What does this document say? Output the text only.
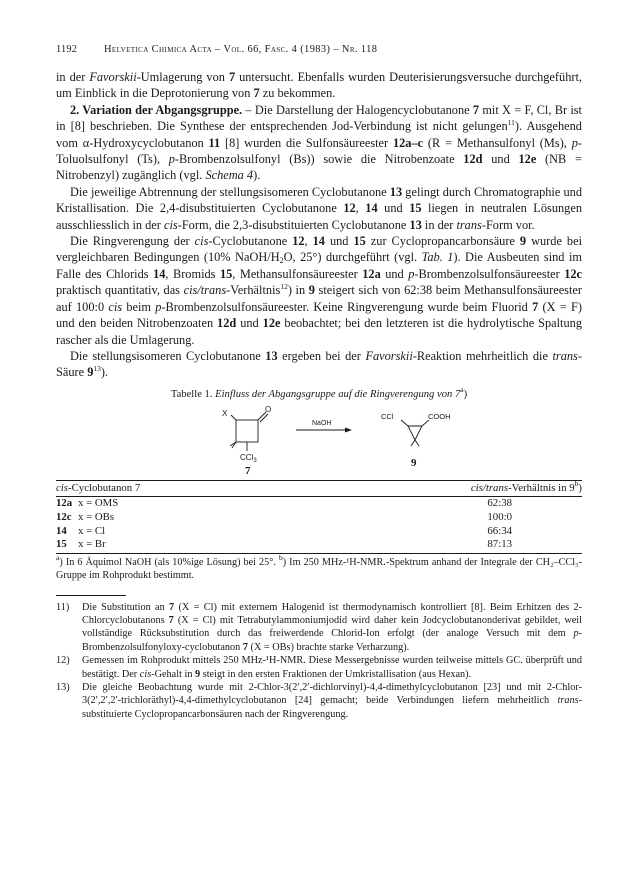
1192	Helvetica Chimica Acta – Vol. 66, Fasc. 4 (1983) – Nr. 118

in der Favorskii-Umlagerung von 7 untersucht. Ebenfalls wurden Deuterisierungsversuche durchgeführt, um Einblick in die Deprotonierung von 7 zu bekommen.

2. Variation der Abgangsgruppe. – Die Darstellung der Halogencyclobutanone 7 mit X = F, Cl, Br ist in [8] beschrieben. Die Synthese der entsprechenden Jod-Verbindung ist nicht gelungen$^{11}$). Ausgehend vom α-Hydroxycyclobutanon 11 [8] wurden die Sulfonsäureester 12a–c (R = Methansulfonyl (Ms), p-Toluolsulfonyl (Ts), p-Brombenzolsulfonyl (Bs)) sowie die Nitrobenzoate 12d und 12e (NB = Nitrobenzyl) zugänglich (vgl. Schema 4).

Die jeweilige Abtrennung der stellungsisomeren Cyclobutanone 13 gelingt durch Chromatographie und Kristallisation. Die 2,4-disubstituierten Cyclobutanone 12, 14 und 15 liegen in neutralen Lösungen ausschliesslich in der cis-Form, die 2,3-disubstituierten Cyclobutanone 13 in der trans-Form vor.

Die Ringverengung der cis-Cyclobutanone 12, 14 und 15 zur Cyclopropancarbonsäure 9 wurde bei vergleichbaren Bedingungen (10% NaOH/$H_2O$, 25°) durchgeführt (vgl. Tab. 1). Die Ausbeuten sind im Falle des Chlorids 14, Bromids 15, Methansulfonsäureester 12a und p-Brombenzolsulfonsäureester 12c praktisch quantitativ, das cis/trans-Verhältnis$^{12}$) in 9 steigert sich von 62:38 beim Methansulfonsäureester auf 100:0 cis beim p-Brombenzolsulfonsäureester. Keine Ringverengung wurde beim Fluorid 7 (X = F) und den beiden Nitrobenzoaten 12d und 12e beobachtet; bei den letzteren ist die hydrolytische Spaltung rascher als die Umlagerung.

Die stellungsisomeren Cyclobutanone 13 ergeben bei der Favorskii-Reaktion mehrheitlich die trans-Säure $9^{13}$).

Tabelle 1. Einfluss der Abgangsgruppe auf die Ringverengung von 7$^a$)
X	O
CCl$_3$
7
NaOH
CCl	COOH
9
cis-Cyclobutanon 7		cis/trans-Verhältnis in 9$^b$)
12a	x = OMS	62:38
12c	x = OBs	100:0
14	x = Cl	66:34
15	x = Br	87:13
$^a$) In 6 Äquimol NaOH (als 10%ige Lösung) bei 25°. $^b$) Im 250 MHz-¹H-NMR.-Spektrum anhand der Integrale der CH₂–CCl₃-Gruppe im Rohprodukt bestimmt.
11) Die Substitution an 7 (X = Cl) mit externem Halogenid ist thermodynamisch kontrolliert [8]. Beim Erhitzen des 2-Chlorcyclobutanons 7 (X = Cl) mit Tetrabutylammoniumjodid wird daher kein Jodcyclobutanonderivat gebildet, weil vollständige Rücksubstitution durch das freiwerdende Chlorid-Ion erfolgt (der analoge Versuch mit dem p-Brombenzolsulfonyloxy-cyclobutanon 7 (X = OBs) brachte starke Verharzung).
12) Gemessen im Rohprodukt mittels 250 MHz-¹H-NMR. Diese Messergebnisse wurden teilweise mittels GC. überprüft und bestätigt. Der cis-Gehalt in 9 steigt in den ersten Fraktionen der Umkristallisation (aus Hexan).
13) Die gleiche Beobachtung wurde mit 2-Chlor-3(2′,2′-dichlorvinyl)-4,4-dimethylcyclobutanon [23] und mit 2-Chlor-3(2′,2′,2′-trichloräthyl)-4,4-dimethylcyclobutanon [24] gemacht; beide Verbindungen liefern mehrheitlich trans-substituierte Cyclopropancarbonsäuren nach der Ringverengung.
